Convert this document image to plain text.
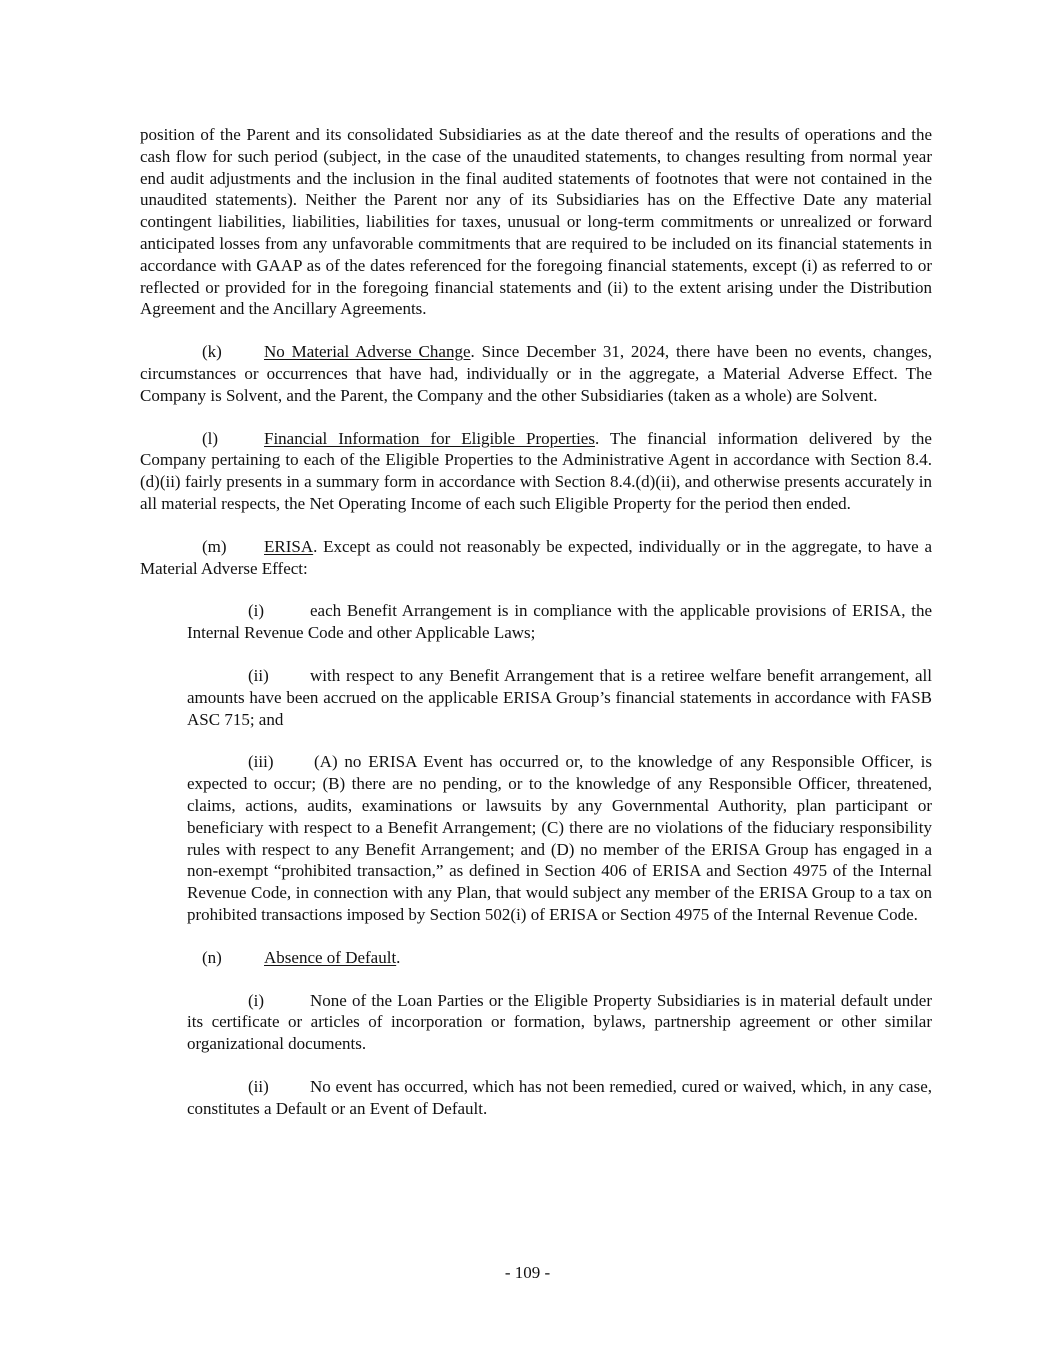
position of the Parent and its consolidated Subsidiaries as at the date thereof and the results of operations and the cash flow for such period (subject, in the case of the unaudited statements, to changes resulting from normal year end audit adjustments and the inclusion in the final audited statements of footnotes that were not contained in the unaudited statements). Neither the Parent nor any of its Subsidiaries has on the Effective Date any material contingent liabilities, liabilities, liabilities for taxes, unusual or long-term commitments or unrealized or forward anticipated losses from any unfavorable commitments that are required to be included on its financial statements in accordance with GAAP as of the dates referenced for the foregoing financial statements, except (i) as referred to or reflected or provided for in the foregoing financial statements and (ii) to the extent arising under the Distribution Agreement and the Ancillary Agreements.

(k) No Material Adverse Change. Since December 31, 2024, there have been no events, changes, circumstances or occurrences that have had, individually or in the aggregate, a Material Adverse Effect. The Company is Solvent, and the Parent, the Company and the other Subsidiaries (taken as a whole) are Solvent.

(l)	Financial Information for Eligible Properties. The financial information delivered by the Company pertaining to each of the Eligible Properties to the Administrative Agent in accordance with Section 8.4.(d)(ii) fairly presents in a summary form in accordance with Section 8.4.(d)(ii), and otherwise presents accurately in all material respects, the Net Operating Income of each such Eligible Property for the period then ended.

(m) ERISA. Except as could not reasonably be expected, individually or in the aggregate, to have a Material Adverse Effect:

(i)	each Benefit Arrangement is in compliance with the applicable provisions of ERISA, the Internal Revenue Code and other Applicable Laws;

(ii) with respect to any Benefit Arrangement that is a retiree welfare benefit arrangement, all amounts have been accrued on the applicable ERISA Group’s financial statements in accordance with FASB ASC 715; and

(iii) (A) no ERISA Event has occurred or, to the knowledge of any Responsible Officer, is expected to occur; (B) there are no pending, or to the knowledge of any Responsible Officer, threatened, claims, actions, audits, examinations or lawsuits by any Governmental Authority, plan participant or beneficiary with respect to a Benefit Arrangement; (C) there are no violations of the fiduciary responsibility rules with respect to any Benefit Arrangement; and (D) no member of the ERISA Group has engaged in a non-exempt “prohibited transaction,” as defined in Section 406 of ERISA and Section 4975 of the Internal Revenue Code, in connection with any Plan, that would subject any member of the ERISA Group to a tax on prohibited transactions imposed by Section 502(i) of ERISA or Section 4975 of the Internal Revenue Code.

(n) Absence of Default.

(i)	None of the Loan Parties or the Eligible Property Subsidiaries is in material default under its certificate or articles of incorporation or formation, bylaws, partnership agreement or other similar organizational documents.

(ii) No event has occurred, which has not been remedied, cured or waived, which, in any case, constitutes a Default or an Event of Default.

- 109 -
